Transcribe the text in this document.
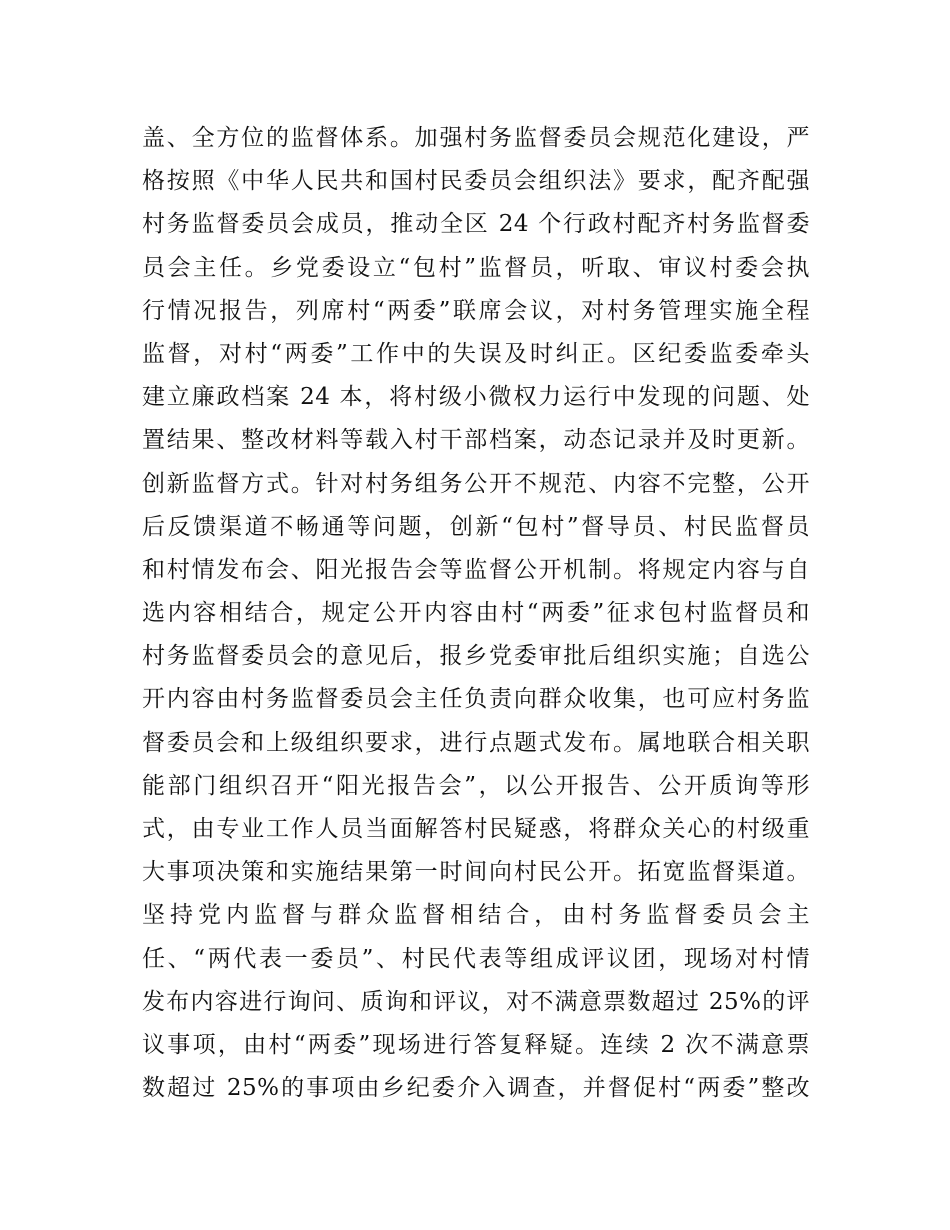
盖、全方位的监督体系。加强村务监督委员会规范化建设，严
格按照《中华人民共和国村民委员会组织法》要求，配齐配强
村务监督委员会成员，推动全区 24 个行政村配齐村务监督委
员会主任。乡党委设立“包村”监督员，听取、审议村委会执
行情况报告，列席村“两委”联席会议，对村务管理实施全程
监督，对村“两委”工作中的失误及时纠正。区纪委监委牵头
建立廉政档案 24 本，将村级小微权力运行中发现的问题、处
置结果、整改材料等载入村干部档案，动态记录并及时更新。
创新监督方式。针对村务组务公开不规范、内容不完整，公开
后反馈渠道不畅通等问题，创新“包村”督导员、村民监督员
和村情发布会、阳光报告会等监督公开机制。将规定内容与自
选内容相结合，规定公开内容由村“两委”征求包村监督员和
村务监督委员会的意见后，报乡党委审批后组织实施；自选公
开内容由村务监督委员会主任负责向群众收集，也可应村务监
督委员会和上级组织要求，进行点题式发布。属地联合相关职
能部门组织召开“阳光报告会”，以公开报告、公开质询等形
式，由专业工作人员当面解答村民疑惑，将群众关心的村级重
大事项决策和实施结果第一时间向村民公开。拓宽监督渠道。
坚持党内监督与群众监督相结合，由村务监督委员会主
任、“两代表一委员”、村民代表等组成评议团，现场对村情
发布内容进行询问、质询和评议，对不满意票数超过 25%的评
议事项，由村“两委”现场进行答复释疑。连续 2 次不满意票
数超过 25%的事项由乡纪委介入调查，并督促村“两委”整改
